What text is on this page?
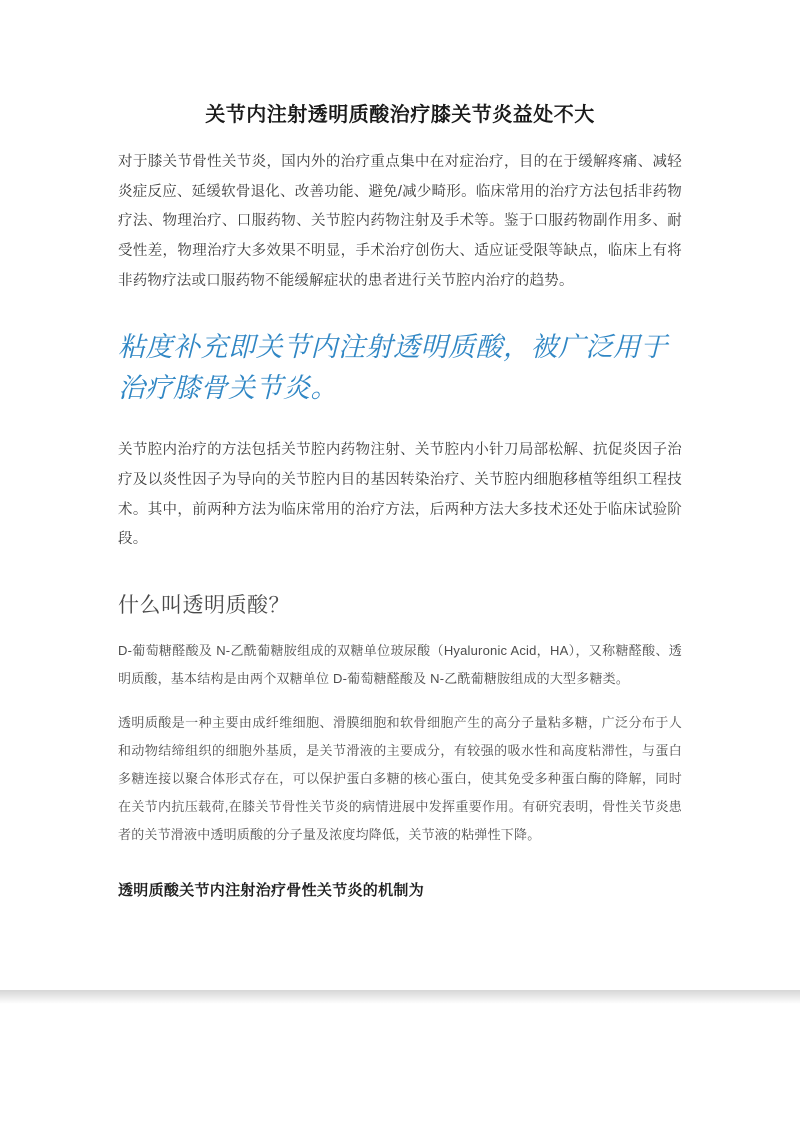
关节内注射透明质酸治疗膝关节炎益处不大

对于膝关节骨性关节炎，国内外的治疗重点集中在对症治疗，目的在于缓解疼痛、减轻炎症反应、延缓软骨退化、改善功能、避免/减少畸形。临床常用的治疗方法包括非药物疗法、物理治疗、口服药物、关节腔内药物注射及手术等。鉴于口服药物副作用多、耐受性差，物理治疗大多效果不明显，手术治疗创伤大、适应证受限等缺点，临床上有将非药物疗法或口服药物不能缓解症状的患者进行关节腔内治疗的趋势。

粘度补充即关节内注射透明质酸，被广泛用于治疗膝骨关节炎。

关节腔内治疗的方法包括关节腔内药物注射、关节腔内小针刀局部松解、抗促炎因子治疗及以炎性因子为导向的关节腔内目的基因转染治疗、关节腔内细胞移植等组织工程技术。其中，前两种方法为临床常用的治疗方法，后两种方法大多技术还处于临床试验阶段。

什么叫透明质酸？

D-葡萄糖醛酸及 N-乙酰葡糖胺组成的双糖单位玻尿酸（Hyaluronic Acid，HA），又称糖醛酸、透明质酸，基本结构是由两个双糖单位 D-葡萄糖醛酸及 N-乙酰葡糖胺组成的大型多糖类。

透明质酸是一种主要由成纤维细胞、滑膜细胞和软骨细胞产生的高分子量粘多糖，广泛分布于人和动物结缔组织的细胞外基质，是关节滑液的主要成分，有较强的吸水性和高度粘滞性，与蛋白多糖连接以聚合体形式存在，可以保护蛋白多糖的核心蛋白，使其免受多种蛋白酶的降解，同时在关节内抗压载荷,在膝关节骨性关节炎的病情进展中发挥重要作用。有研究表明，骨性关节炎患者的关节滑液中透明质酸的分子量及浓度均降低，关节液的粘弹性下降。

透明质酸关节内注射治疗骨性关节炎的机制为
